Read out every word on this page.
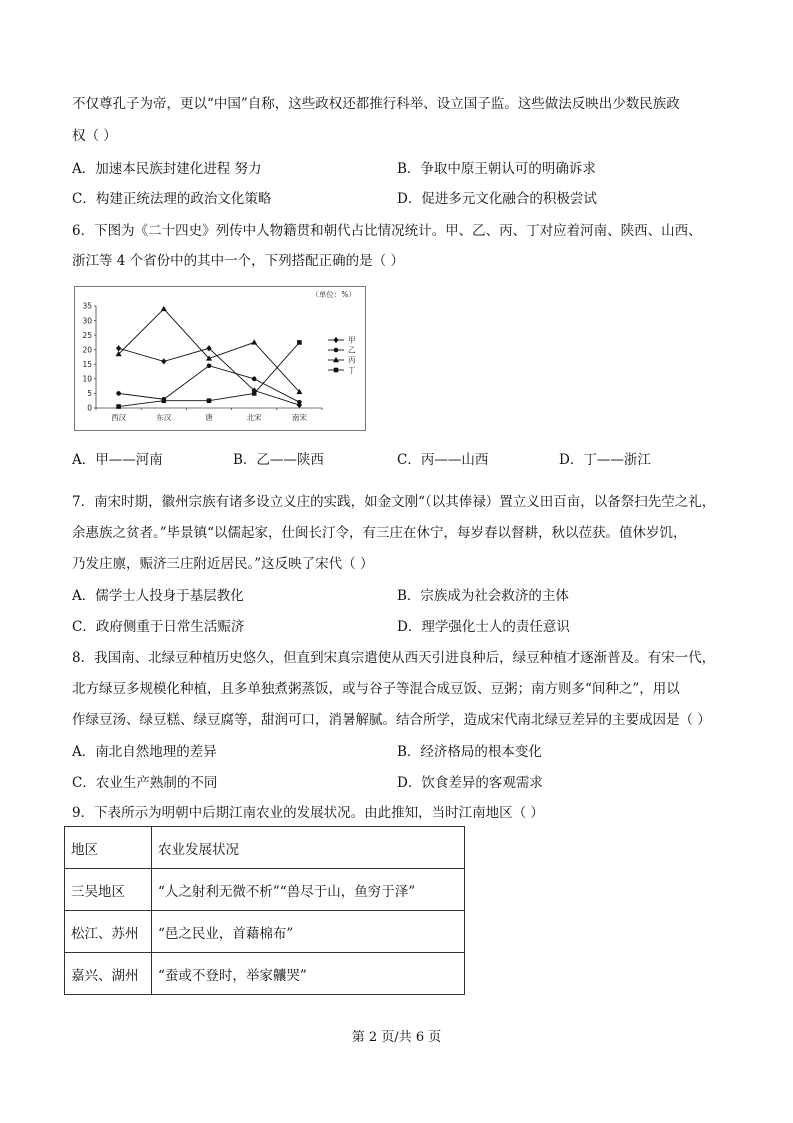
不仅尊孔子为帝，更以“中国”自称，这些政权还都推行科举、设立国子监。这些做法反映出少数民族政
权（ ）
A．加速本民族封建化进程 努力	B．争取中原王朝认可的明确诉求
C．构建正统法理的政治文化策略	D．促进多元文化融合的积极尝试
6．下图为《二十四史》列传中人物籍贯和朝代占比情况统计。甲、乙、丙、丁对应着河南、陕西、山西、
浙江等 4 个省份中的其中一个，下列搭配正确的是（ ）
0
5
10
15
20
25
30
35
西汉	东汉	唐	北宋	南宋
甲
乙
丙
丁
（单位：%）
A．甲——河南	B．乙——陕西	C．丙——山西	D．丁——浙江
7．南宋时期，徽州宗族有诸多设立义庄的实践，如金文刚“（以其俸禄）置立义田百亩，以备祭扫先茔之礼，
余惠族之贫者。”毕景镇“以儒起家，仕闽长汀令，有三庄在休宁，每岁春以督耕，秋以莅获。值休岁饥，
乃发庄廪，赈济三庄附近居民。”这反映了宋代（ ）
A．儒学士人投身于基层教化	B．宗族成为社会救济的主体
C．政府侧重于日常生活赈济	D．理学强化士人的责任意识
8．我国南、北绿豆种植历史悠久，但直到宋真宗遣使从西天引进良种后，绿豆种植才逐渐普及。有宋一代，
北方绿豆多规模化种植，且多单独煮粥蒸饭，或与谷子等混合成豆饭、豆粥；南方则多“间种之”，用以
作绿豆汤、绿豆糕、绿豆腐等，甜润可口，消暑解腻。结合所学，造成宋代南北绿豆差异的主要成因是（ ）
A．南北自然地理的差异	B．经济格局的根本变化
C．农业生产熟制的不同	D．饮食差异的客观需求
9．下表所示为明朝中后期江南农业的发展状况。由此推知，当时江南地区（ ）
地区	农业发展状况
三吴地区	“人之射利无微不析”“兽尽于山，鱼穷于泽”
松江、苏州	“邑之民业，首藉棉布”
嘉兴、湖州	“蚕或不登时，举家齉哭”
第 2 页/共 6 页
